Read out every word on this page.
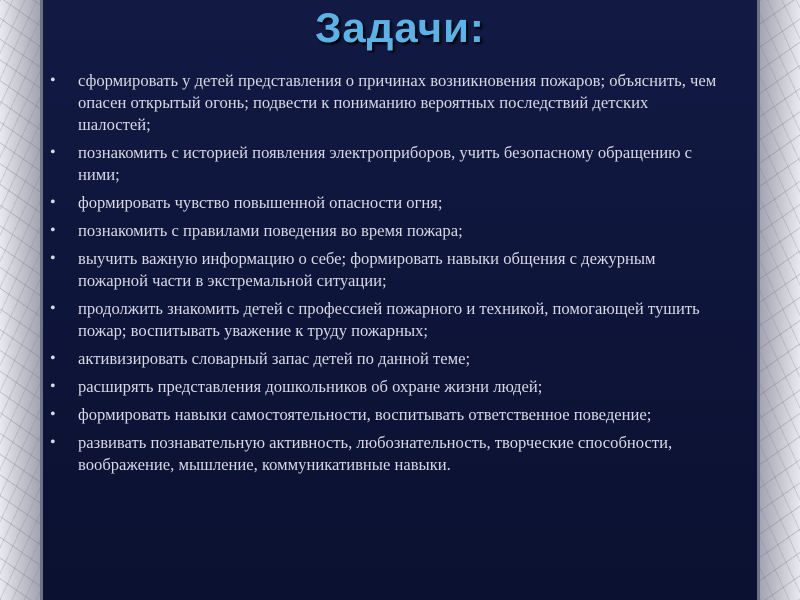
Задачи:
• сформировать у детей представления о причинах возникновения пожаров; объяснить, чем опасен открытый огонь; подвести к пониманию вероятных последствий детских шалостей;
• познакомить с историей появления электроприборов, учить безопасному обращению с ними;
• формировать чувство повышенной опасности огня;
• познакомить с правилами поведения во время пожара;
• выучить важную информацию о себе; формировать навыки общения с дежурным пожарной части в экстремальной ситуации;
• продолжить знакомить детей с профессией пожарного и техникой, помогающей тушить пожар; воспитывать уважение к труду пожарных;
• активизировать словарный запас детей по данной теме;
• расширять представления дошкольников об охране жизни людей;
• формировать навыки самостоятельности, воспитывать ответственное поведение;
• развивать познавательную активность, любознательность, творческие способности, воображение, мышление, коммуникативные навыки.
